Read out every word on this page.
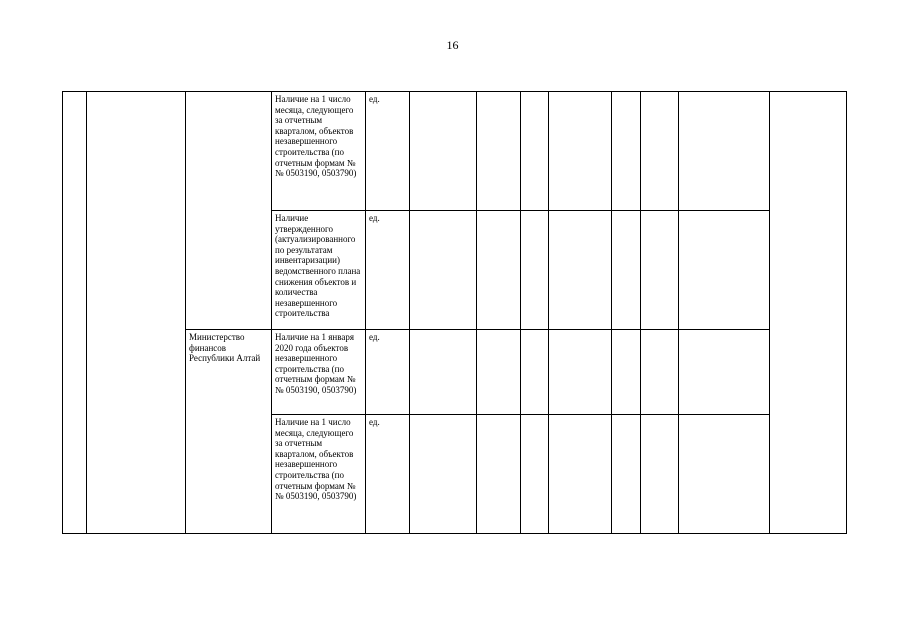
16
			Наличие на 1 число месяца, следующего за отчетным кварталом, объектов незавершенного строительства (по отчетным формам №№ 0503190, 0503790)	ед.								
			Наличие утвержденного (актуализированного по результатам инвентаризации) ведомственного плана снижения объектов и количества незавершенного строительства	ед.								
		Министерство финансов Республики Алтай	Наличие на 1 января 2020 года объектов незавершенного строительства (по отчетным формам №№ 0503190, 0503790)	ед.								
			Наличие на 1 число месяца, следующего за отчетным кварталом, объектов незавершенного строительства (по отчетным формам №№ 0503190, 0503790)	ед.								
